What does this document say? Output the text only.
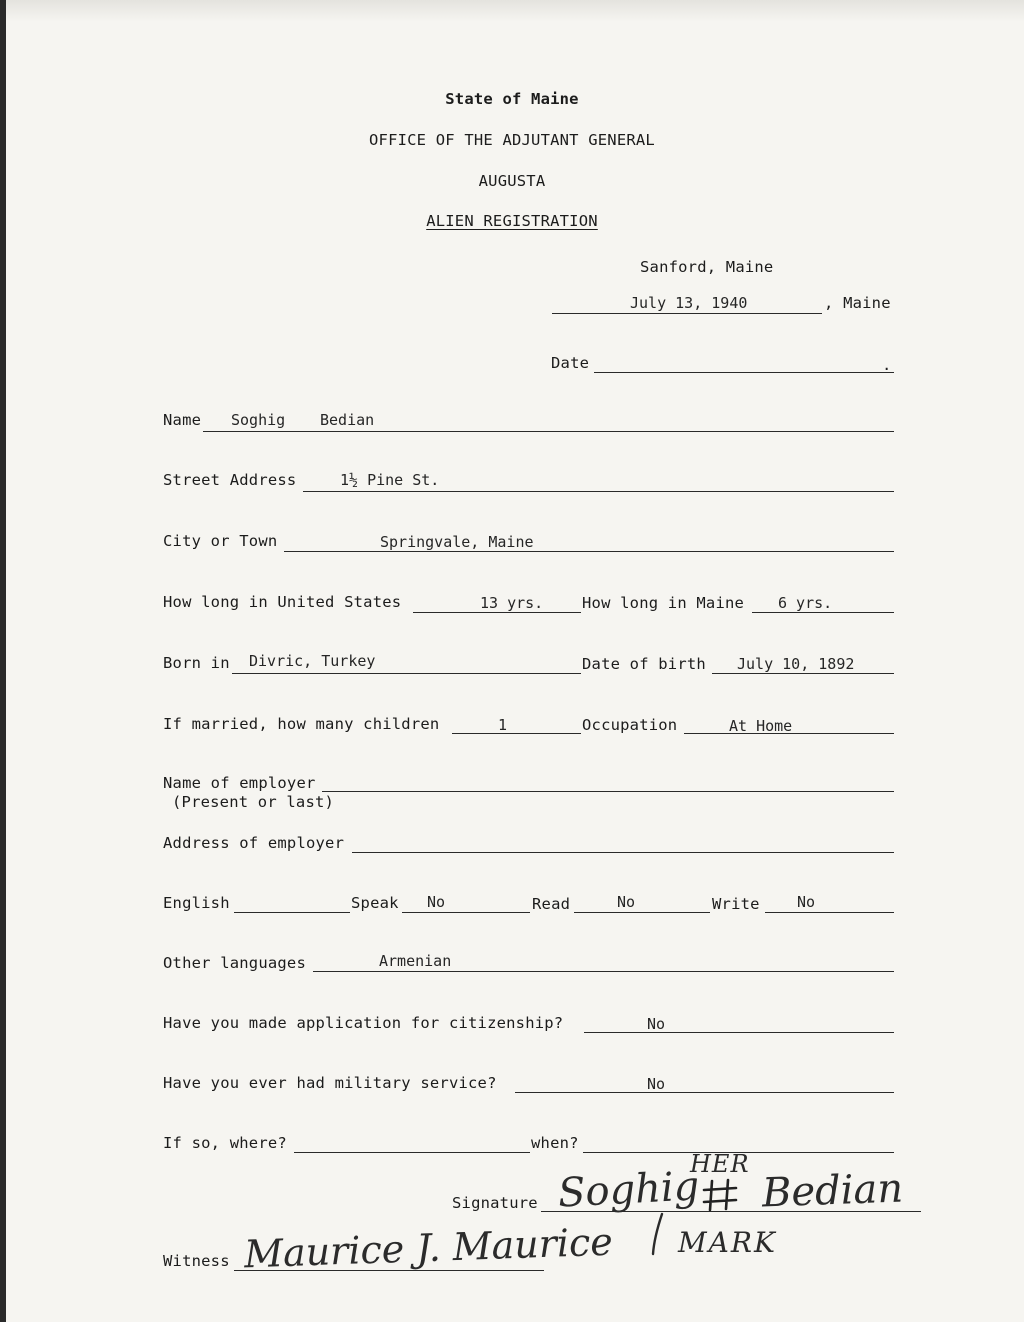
State of Maine
OFFICE OF THE ADJUTANT GENERAL
AUGUSTA
ALIEN REGISTRATION
Sanford, Maine
July 13, 1940	, Maine
Date	.
Name Soghig Bedian
Street Address	1½ Pine St.
City or Town	Springvale, Maine
How long in United States	13 yrs.	How long in Maine 6 yrs.
Born in Divric, Turkey	Date of birth July 10, 1892
If married, how many children	1	Occupation	At Home
Name of employer
(Present or last)
Address of employer
English	Speak No	Read	No	Write No
Other languages	Armenian
Have you made application for citizenship?	No
Have you ever had military service?	No
If so, where?	when?
Signature
HER
Soghig Bedian
MARK
Witness Maurice J. Maurice
